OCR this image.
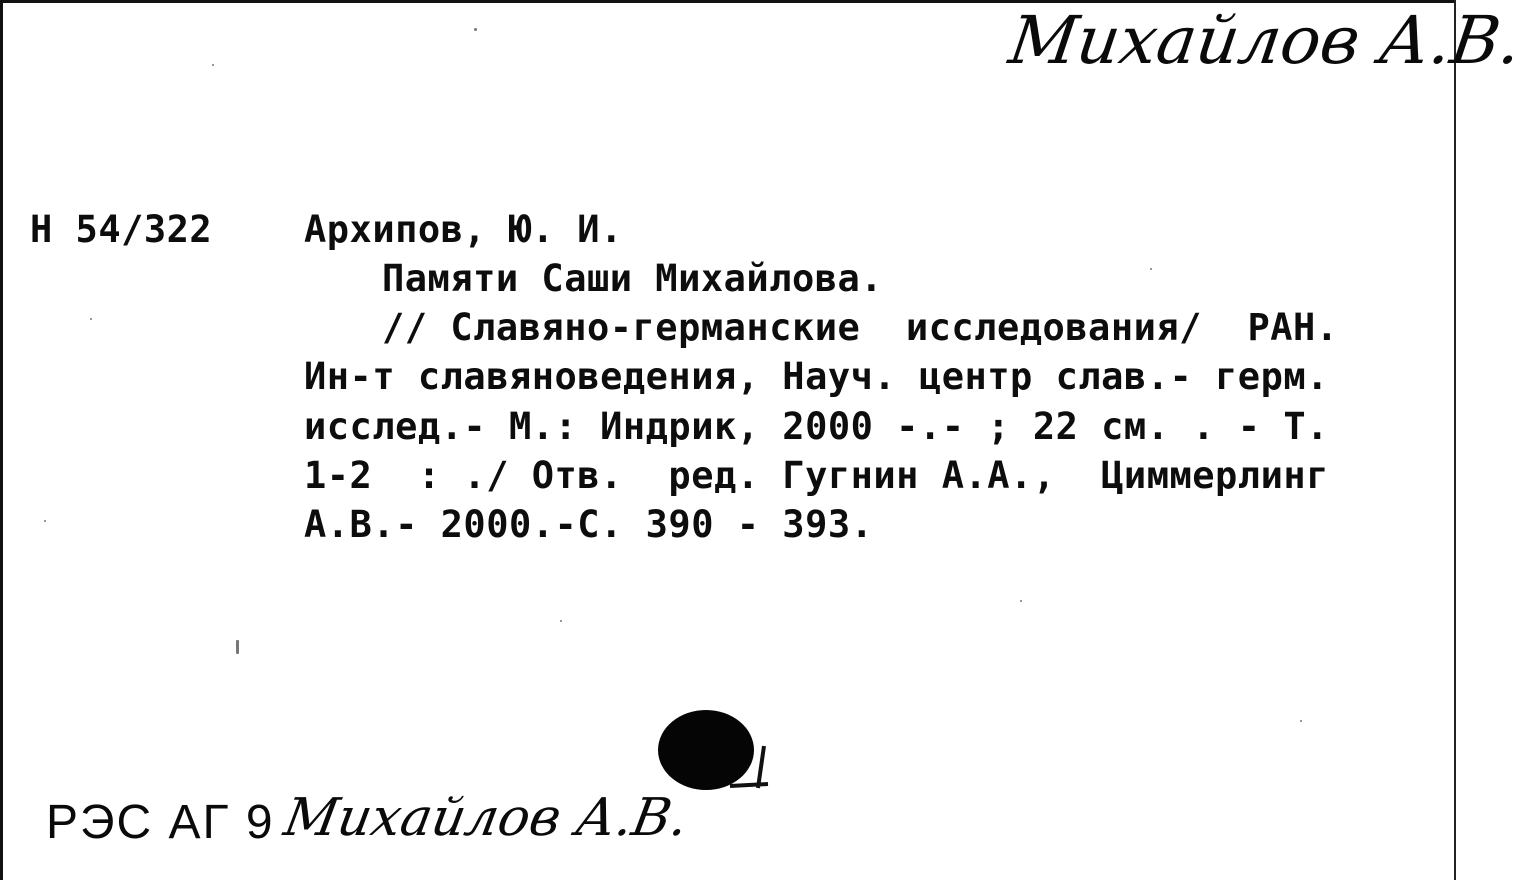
Михайлов А.В.
Н 54/322 Архипов, Ю. И.
Памяти Саши Михайлова.
// Славяно-германские  исследования/  РАН.
Ин-т славяноведения, Науч. центр слав.- герм.
исслед.- М.: Индрик, 2000 -.- ; 22 см. . - Т.
1-2  : ./ Отв.  ред. Гугнин А.А.,  Циммерлинг
А.В.- 2000.-С. 390 - 393.
РЭС АГ 9 Михайлов А.В.
